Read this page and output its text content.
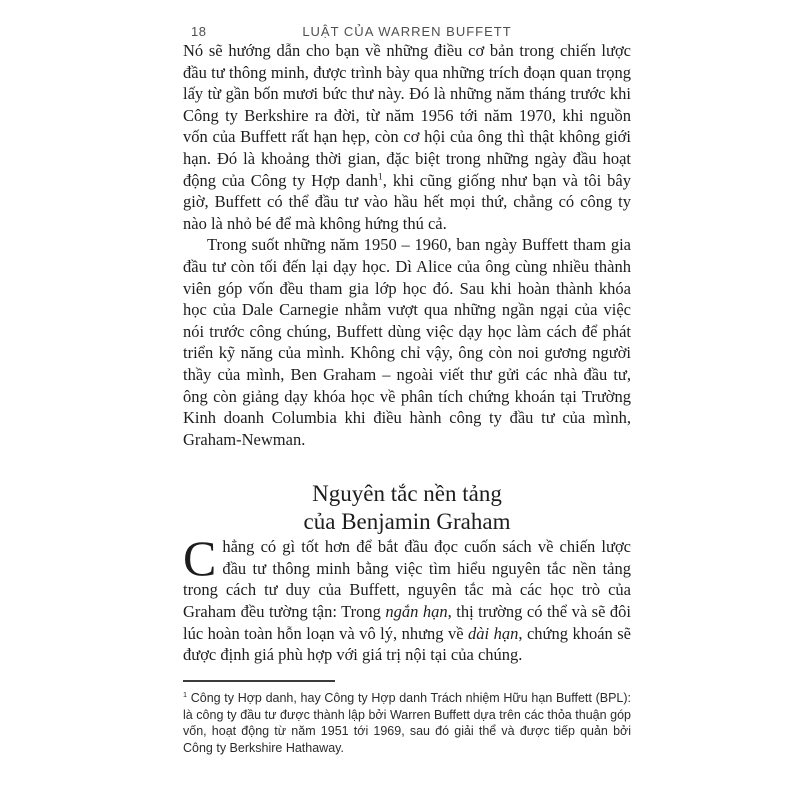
18	LUẬT CỦA WARREN BUFFETT

Nó sẽ hướng dẫn cho bạn về những điều cơ bản trong chiến lược đầu tư thông minh, được trình bày qua những trích đoạn quan trọng lấy từ gần bốn mươi bức thư này. Đó là những năm tháng trước khi Công ty Berkshire ra đời, từ năm 1956 tới năm 1970, khi nguồn vốn của Buffett rất hạn hẹp, còn cơ hội của ông thì thật không giới hạn. Đó là khoảng thời gian, đặc biệt trong những ngày đầu hoạt động của Công ty Hợp danh$^1$, khi cũng giống như bạn và tôi bây giờ, Buffett có thể đầu tư vào hầu hết mọi thứ, chẳng có công ty nào là nhỏ bé để mà không hứng thú cả.

Trong suốt những năm 1950 – 1960, ban ngày Buffett tham gia đầu tư còn tối đến lại dạy học. Dì Alice của ông cùng nhiều thành viên góp vốn đều tham gia lớp học đó. Sau khi hoàn thành khóa học của Dale Carnegie nhằm vượt qua những ngần ngại của việc nói trước công chúng, Buffett dùng việc dạy học làm cách để phát triển kỹ năng của mình. Không chỉ vậy, ông còn noi gương người thầy của mình, Ben Graham – ngoài viết thư gửi các nhà đầu tư, ông còn giảng dạy khóa học về phân tích chứng khoán tại Trường Kinh doanh Columbia khi điều hành công ty đầu tư của mình, Graham-Newman.

Nguyên tắc nền tảng
của Benjamin Graham

Chẳng có gì tốt hơn để bắt đầu đọc cuốn sách về chiến lược đầu tư thông minh bằng việc tìm hiểu nguyên tắc nền tảng trong cách tư duy của Buffett, nguyên tắc mà các học trò của Graham đều tường tận: Trong ngắn hạn, thị trường có thể và sẽ đôi lúc hoàn toàn hỗn loạn và vô lý, nhưng về dài hạn, chứng khoán sẽ được định giá phù hợp với giá trị nội tại của chúng.

$^1$ Công ty Hợp danh, hay Công ty Hợp danh Trách nhiệm Hữu hạn Buffett (BPL): là công ty đầu tư được thành lập bởi Warren Buffett dựa trên các thỏa thuận góp vốn, hoạt động từ năm 1951 tới 1969, sau đó giải thể và được tiếp quản bởi Công ty Berkshire Hathaway.
